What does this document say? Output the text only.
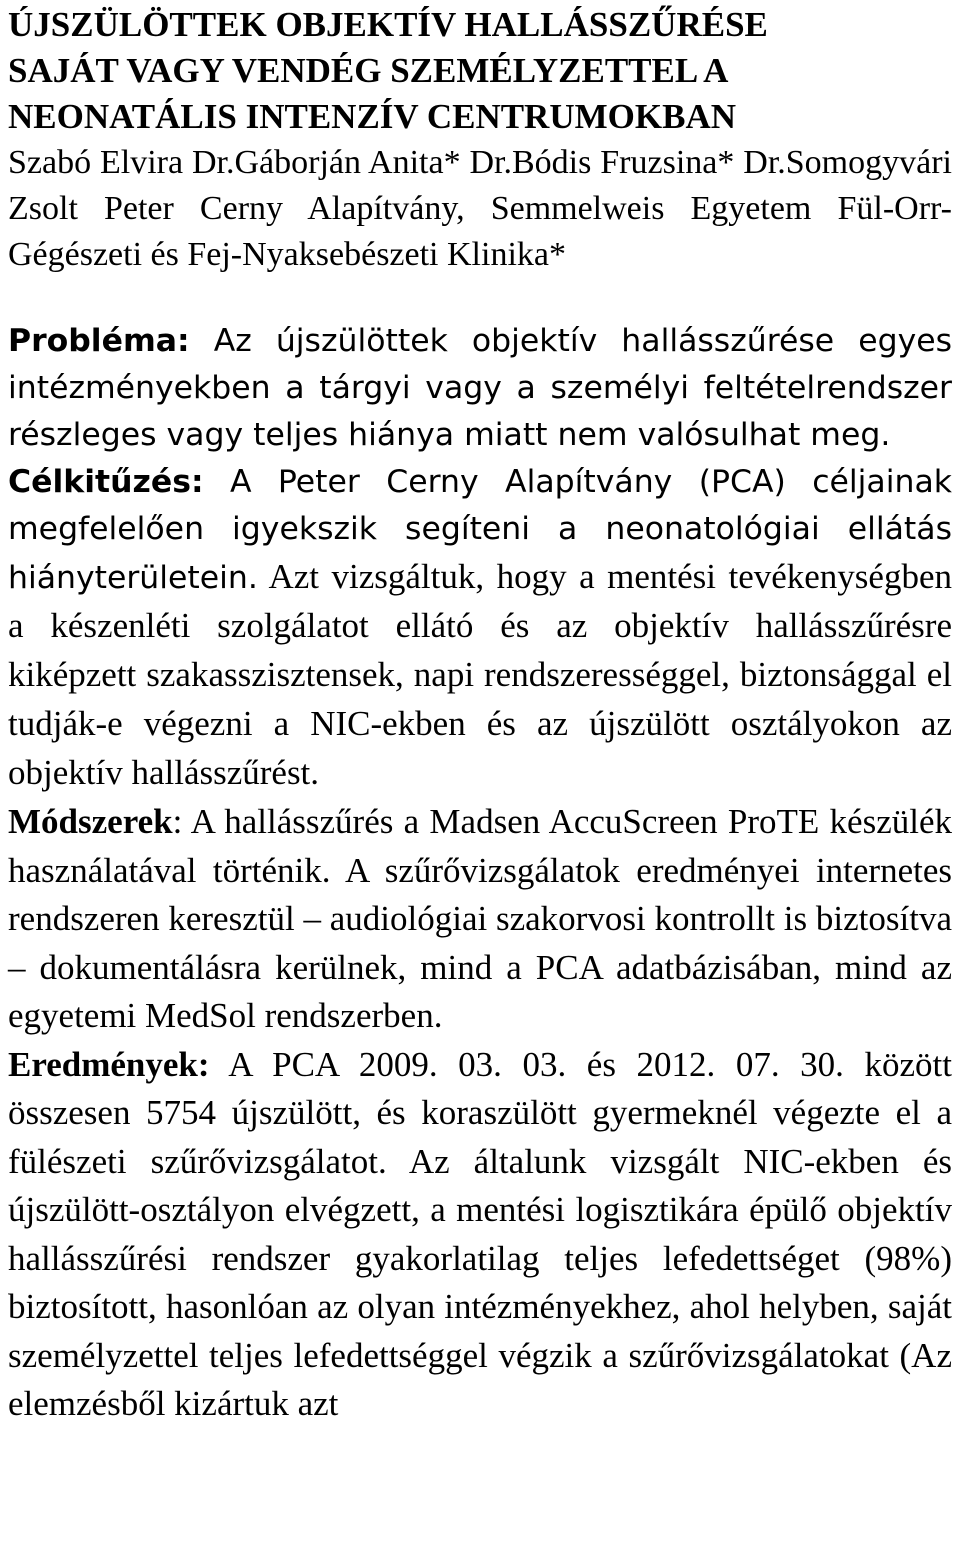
ÚJSZÜLÖTTEK OBJEKTÍV HALLÁSSZŰRÉSE
SAJÁT VAGY VENDÉG SZEMÉLYZETTEL A
NEONATÁLIS INTENZÍV CENTRUMOKBAN

Szabó Elvira Dr.Gáborján Anita* Dr.Bódis Fruzsina* Dr.Somogyvári Zsolt Peter Cerny Alapítvány, Semmelweis Egyetem Fül-Orr-Gégészeti és Fej-Nyaksebészeti Klinika*

Probléma: Az újszülöttek objektív hallásszűrése egyes intézményekben a tárgyi vagy a személyi feltételrendszer részleges vagy teljes hiánya miatt nem valósulhat meg.

Célkitűzés: A Peter Cerny Alapítvány (PCA) céljainak megfelelően igyekszik segíteni a neonatológiai ellátás hiányterületein. Azt vizsgáltuk, hogy a mentési tevékenységben a készenléti szolgálatot ellátó és az objektív hallásszűrésre kiképzett szakasszisztensek, napi rendszerességgel, biztonsággal el tudják-e végezni a NIC-ekben és az újszülött osztályokon az objektív hallásszűrést.

Módszerek: A hallásszűrés a Madsen AccuScreen ProTE készülék használatával történik. A szűrővizsgálatok eredményei internetes rendszeren keresztül – audiológiai szakorvosi kontrollt is biztosítva – dokumentálásra kerülnek, mind a PCA adatbázisában, mind az egyetemi MedSol rendszerben.

Eredmények: A PCA 2009. 03. 03. és 2012. 07. 30. között összesen 5754 újszülött, és koraszülött gyermeknél végezte el a fülészeti szűrővizsgálatot. Az általunk vizsgált NIC-ekben és újszülött-osztályon elvégzett, a mentési logisztikára épülő objektív hallásszűrési rendszer gyakorlatilag teljes lefedettséget (98%) biztosított, hasonlóan az olyan intézményekhez, ahol helyben, saját személyzettel teljes lefedettséggel végzik a szűrővizsgálatokat (Az elemzésből kizártuk azt
